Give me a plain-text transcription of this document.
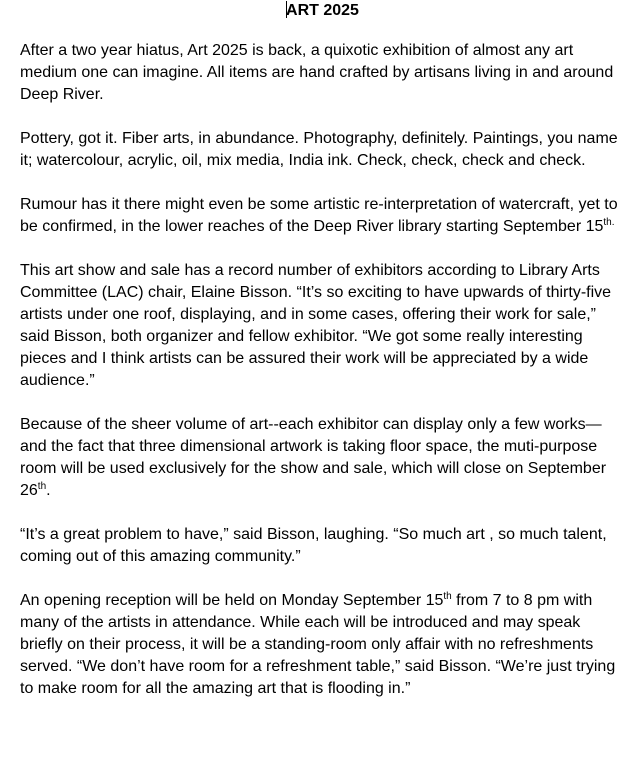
ART 2025

After a two year hiatus, Art 2025 is back, a quixotic exhibition of almost any art medium one can imagine. All items are hand crafted by artisans living in and around Deep River.

Pottery, got it. Fiber arts, in abundance. Photography, definitely. Paintings, you name it; watercolour, acrylic, oil, mix media, India ink. Check, check, check and check.

Rumour has it there might even be some artistic re-interpretation of watercraft, yet to be confirmed, in the lower reaches of the Deep River library starting September $15^{th.}$

This art show and sale has a record number of exhibitors according to Library Arts Committee (LAC) chair, Elaine Bisson. “It’s so exciting to have upwards of thirty-five artists under one roof, displaying, and in some cases, offering their work for sale,” said Bisson, both organizer and fellow exhibitor. “We got some really interesting pieces and I think artists can be assured their work will be appreciated by a wide audience.”

Because of the sheer volume of art--each exhibitor can display only a few works—and the fact that three dimensional artwork is taking floor space, the muti-purpose room will be used exclusively for the show and sale, which will close on September 26th.

“It’s a great problem to have,” said Bisson, laughing. “So much art , so much talent, coming out of this amazing community.”

An opening reception will be held on Monday September 15th from 7 to 8 pm with many of the artists in attendance. While each will be introduced and may speak briefly on their process, it will be a standing-room only affair with no refreshments served. “We don’t have room for a refreshment table,” said Bisson. “We’re just trying to make room for all the amazing art that is flooding in.”
